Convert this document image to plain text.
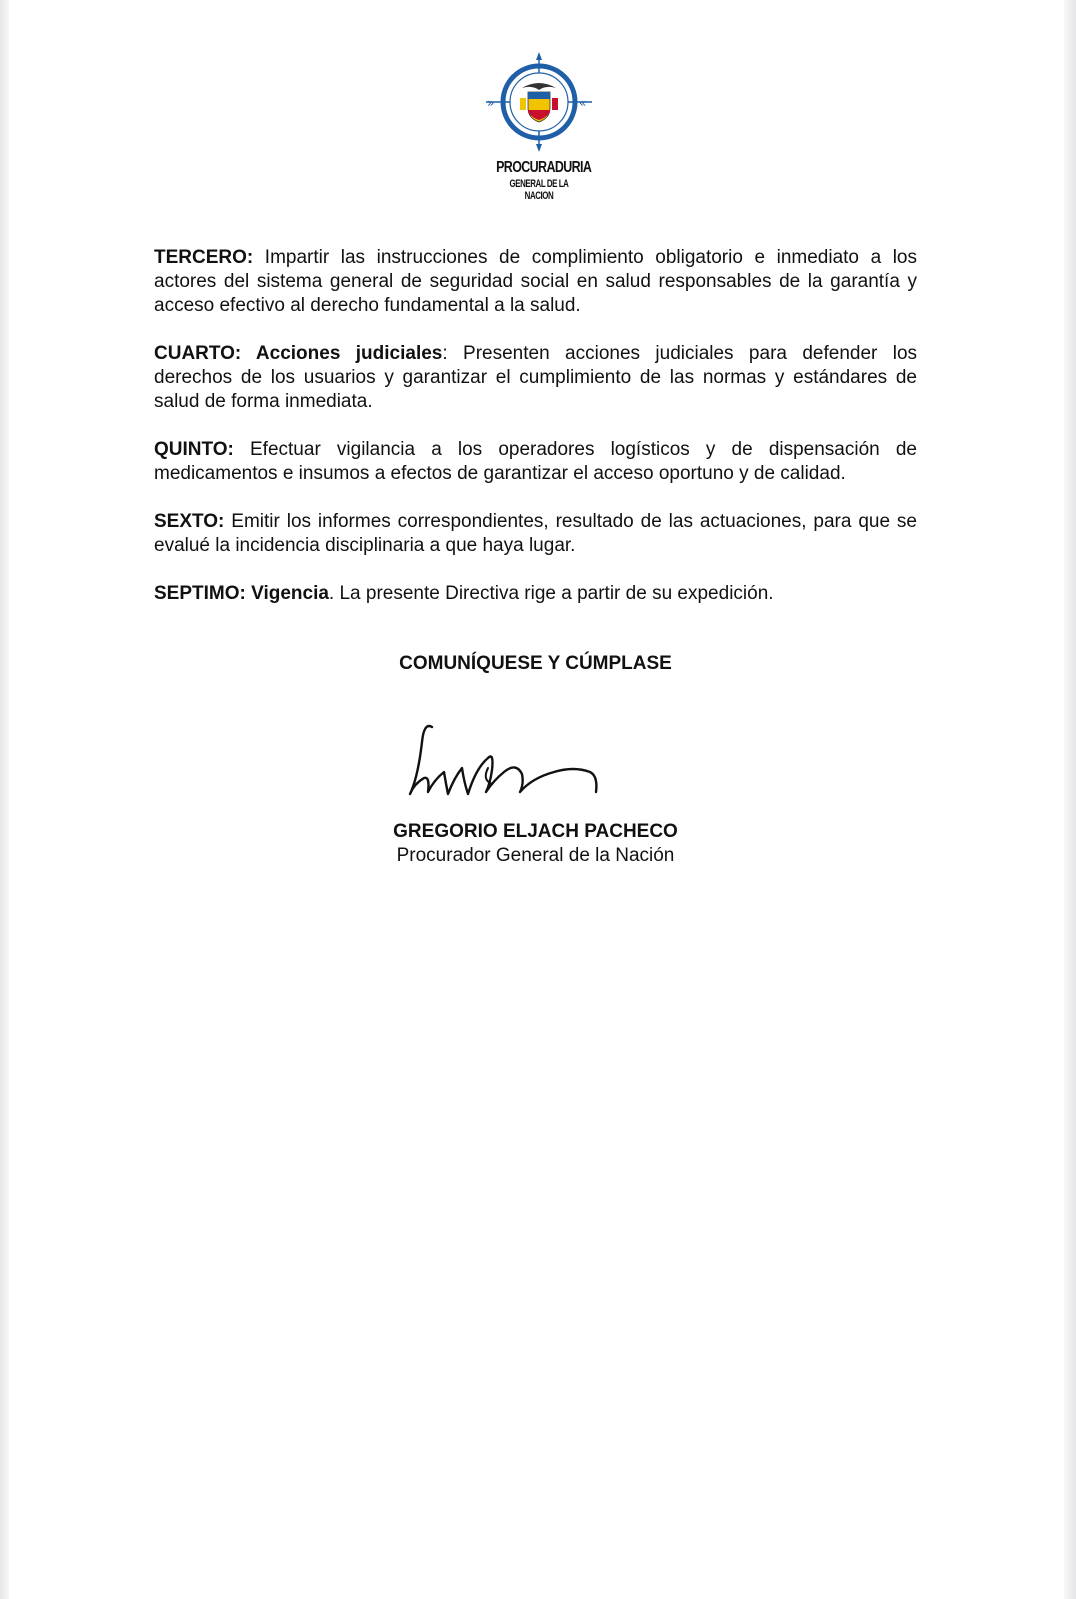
»	«
PROCURADURIA
GENERAL DE LA NACION
TERCERO: Impartir las instrucciones de complimiento obligatorio e inmediato a los actores del sistema general de seguridad social en salud responsables de la garantía y acceso efectivo al derecho fundamental a la salud.
CUARTO: Acciones judiciales: Presenten acciones judiciales para defender los derechos de los usuarios y garantizar el cumplimiento de las normas y estándares de salud de forma inmediata.
QUINTO: Efectuar vigilancia a los operadores logísticos y de dispensación de medicamentos e insumos a efectos de garantizar el acceso oportuno y de calidad.
SEXTO: Emitir los informes correspondientes, resultado de las actuaciones, para que se evalué la incidencia disciplinaria a que haya lugar.
SEPTIMO: Vigencia. La presente Directiva rige a partir de su expedición.
COMUNÍQUESE Y CÚMPLASE
GREGORIO ELJACH PACHECO
Procurador General de la Nación
